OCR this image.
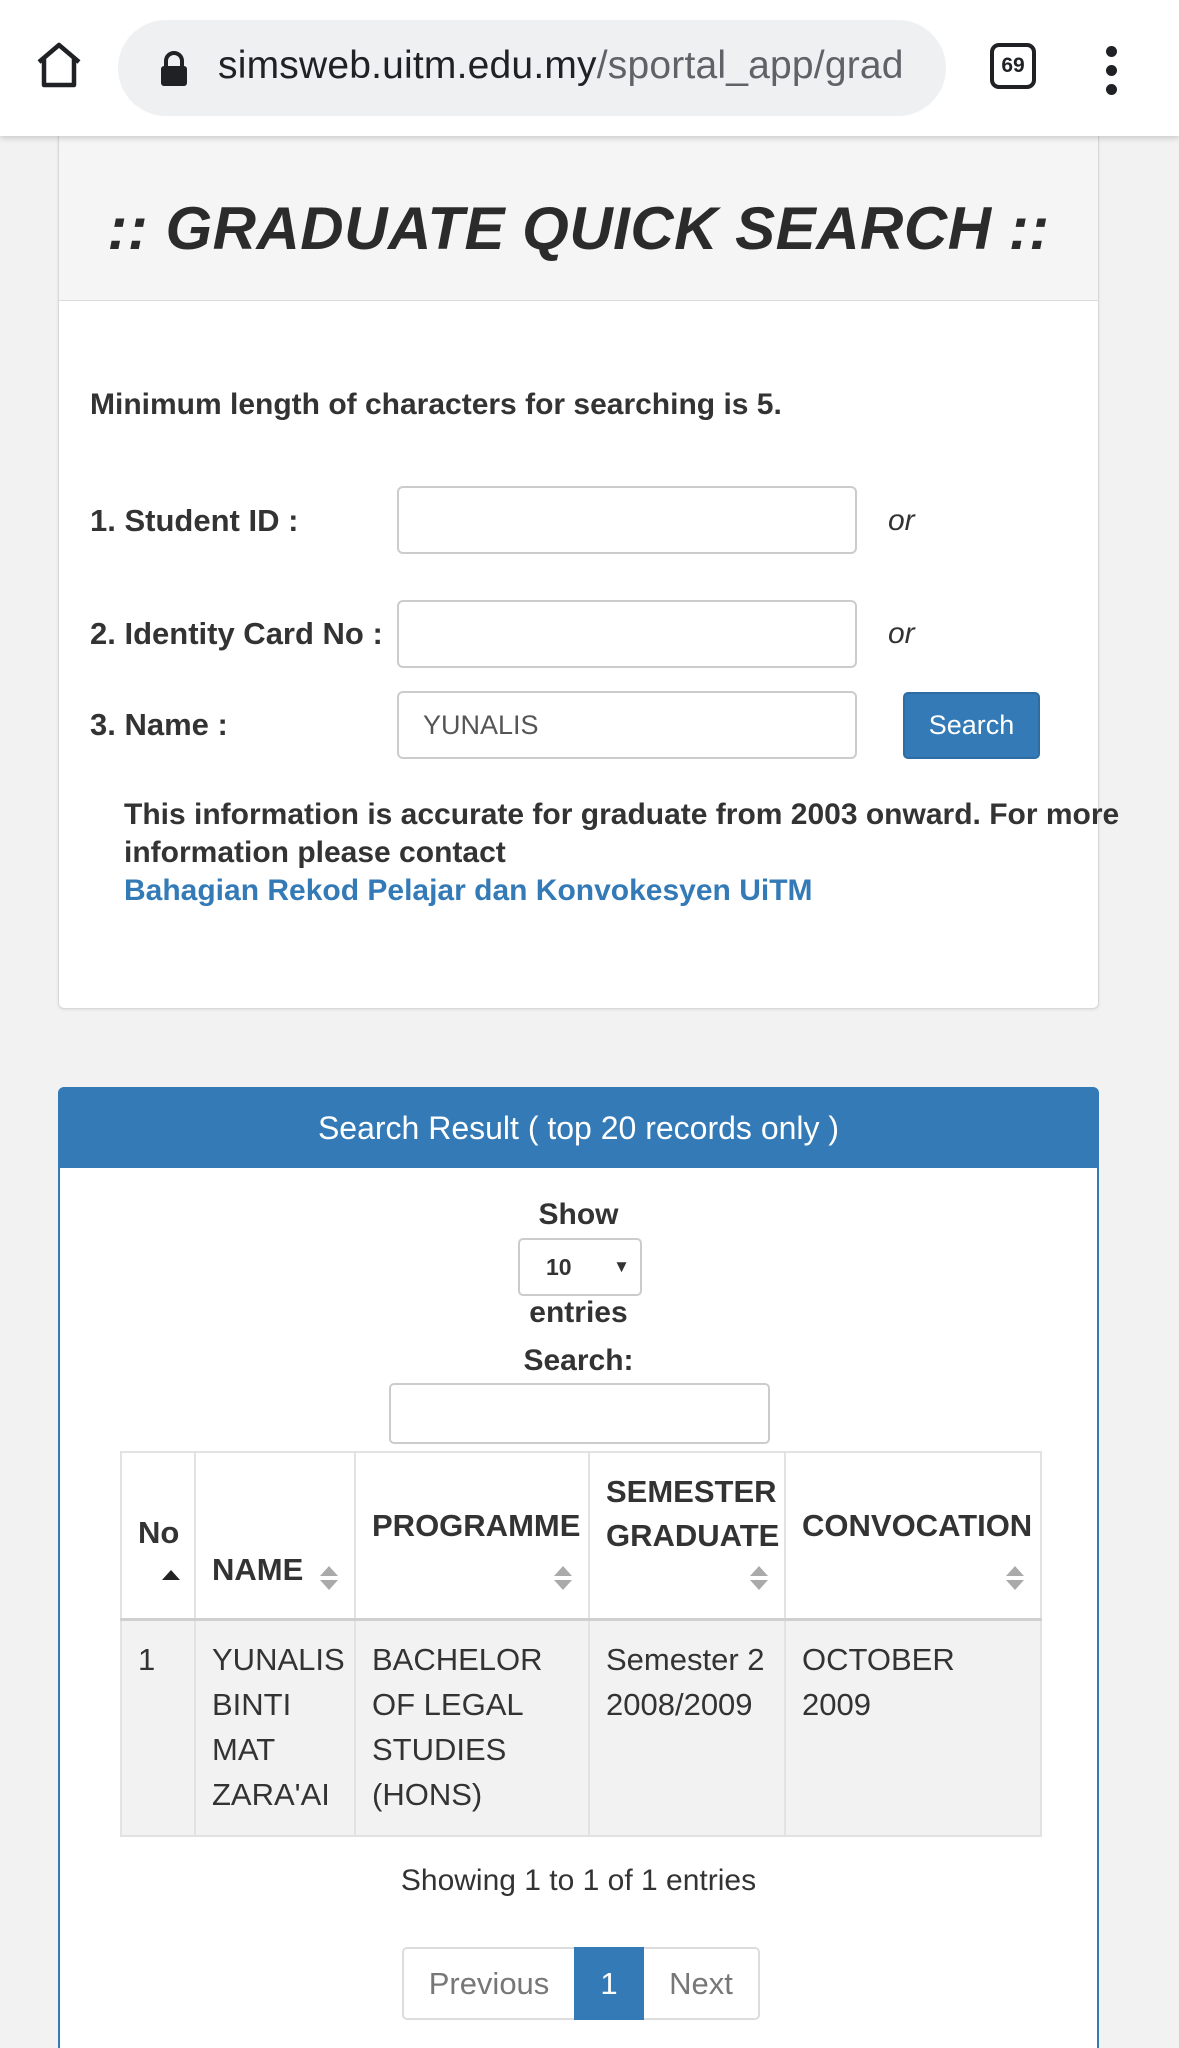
simsweb.uitm.edu.my/sportal_app/grad	69
:: GRADUATE QUICK SEARCH ::
Minimum length of characters for searching is 5.
1. Student ID :	or
2. Identity Card No :	or
3. Name :	YUNALIS	Search
This information is accurate for graduate from 2003 onward. For more information please contact
Bahagian Rekod Pelajar dan Konvokesyen UiTM
Search Result ( top 20 records only )
Show
10 ▼
entries
Search:
No	NAME	PROGRAMME	SEMESTER GRADUATE	CONVOCATION

1	YUNALIS BINTI MAT ZARA'AI	BACHELOR OF LEGAL STUDIES (HONS)	Semester 2 2008/2009	OCTOBER 2009
Showing 1 to 1 of 1 entries
Previous	1	Next
